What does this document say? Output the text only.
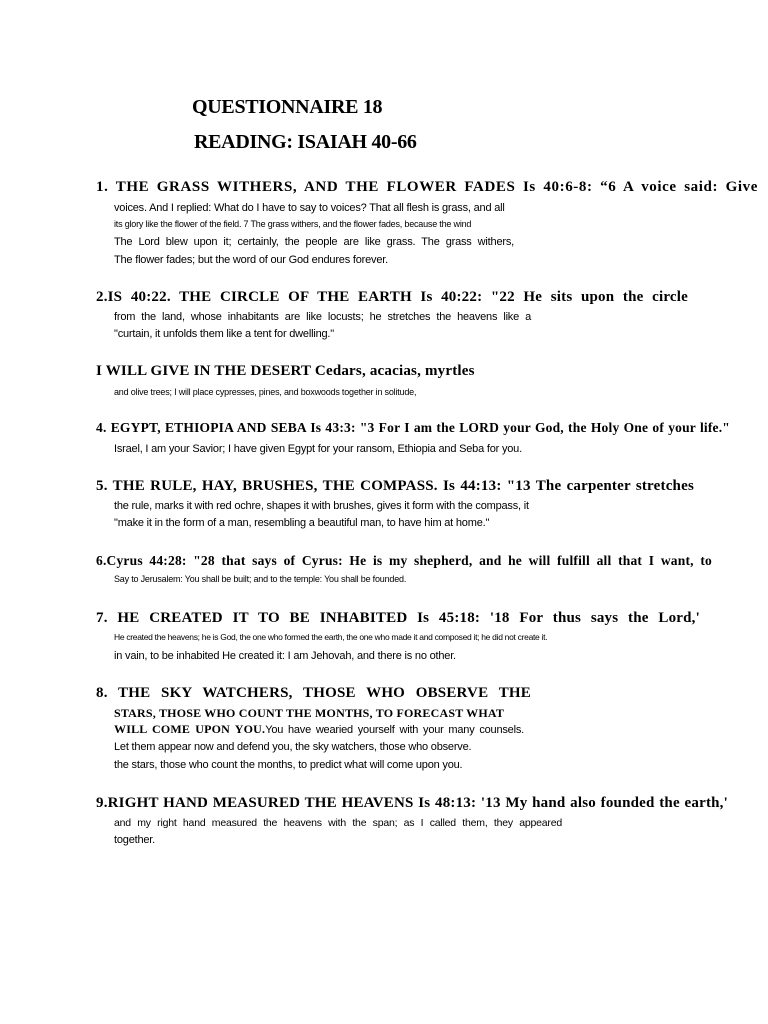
QUESTIONNAIRE 18
READING: ISAIAH 40-66
1. THE GRASS WITHERS, AND THE FLOWER FADES Is 40:6-8: “6 A voice said: Give
voices. And I replied: What do I have to say to voices? That all flesh is grass, and all
its glory like the flower of the field. 7 The grass withers, and the flower fades, because the wind
The Lord blew upon it; certainly, the people are like grass. The grass withers,
The flower fades; but the word of our God endures forever.
2.IS 40:22. THE CIRCLE OF THE EARTH Is 40:22: "22 He sits upon the circle
from the land, whose inhabitants are like locusts; he stretches the heavens like a
"curtain, it unfolds them like a tent for dwelling."
I WILL GIVE IN THE DESERT Cedars, acacias, myrtles
and olive trees; I will place cypresses, pines, and boxwoods together in solitude,
4. EGYPT, ETHIOPIA AND SEBA Is 43:3: "3 For I am the LORD your God, the Holy One of your life."
Israel, I am your Savior; I have given Egypt for your ransom, Ethiopia and Seba for you.
5. THE RULE, HAY, BRUSHES, THE COMPASS. Is 44:13: "13 The carpenter stretches
the rule, marks it with red ochre, shapes it with brushes, gives it form with the compass, it
"make it in the form of a man, resembling a beautiful man, to have him at home."
6.Cyrus 44:28: "28 that says of Cyrus: He is my shepherd, and he will fulfill all that I want, to
Say to Jerusalem: You shall be built; and to the temple: You shall be founded.
7. HE CREATED IT TO BE INHABITED Is 45:18: '18 For thus says the Lord,'
He created the heavens; he is God, the one who formed the earth, the one who made it and composed it; he did not create it.
in vain, to be inhabited He created it: I am Jehovah, and there is no other.
8. THE SKY WATCHERS, THOSE WHO OBSERVE THE
STARS, THOSE WHO COUNT THE MONTHS, TO FORECAST WHAT
WILL COME UPON YOU.You have wearied yourself with your many counsels.
Let them appear now and defend you, the sky watchers, those who observe.
the stars, those who count the months, to predict what will come upon you.
9.RIGHT HAND MEASURED THE HEAVENS Is 48:13: '13 My hand also founded the earth,'
and my right hand measured the heavens with the span; as I called them, they appeared
together.
